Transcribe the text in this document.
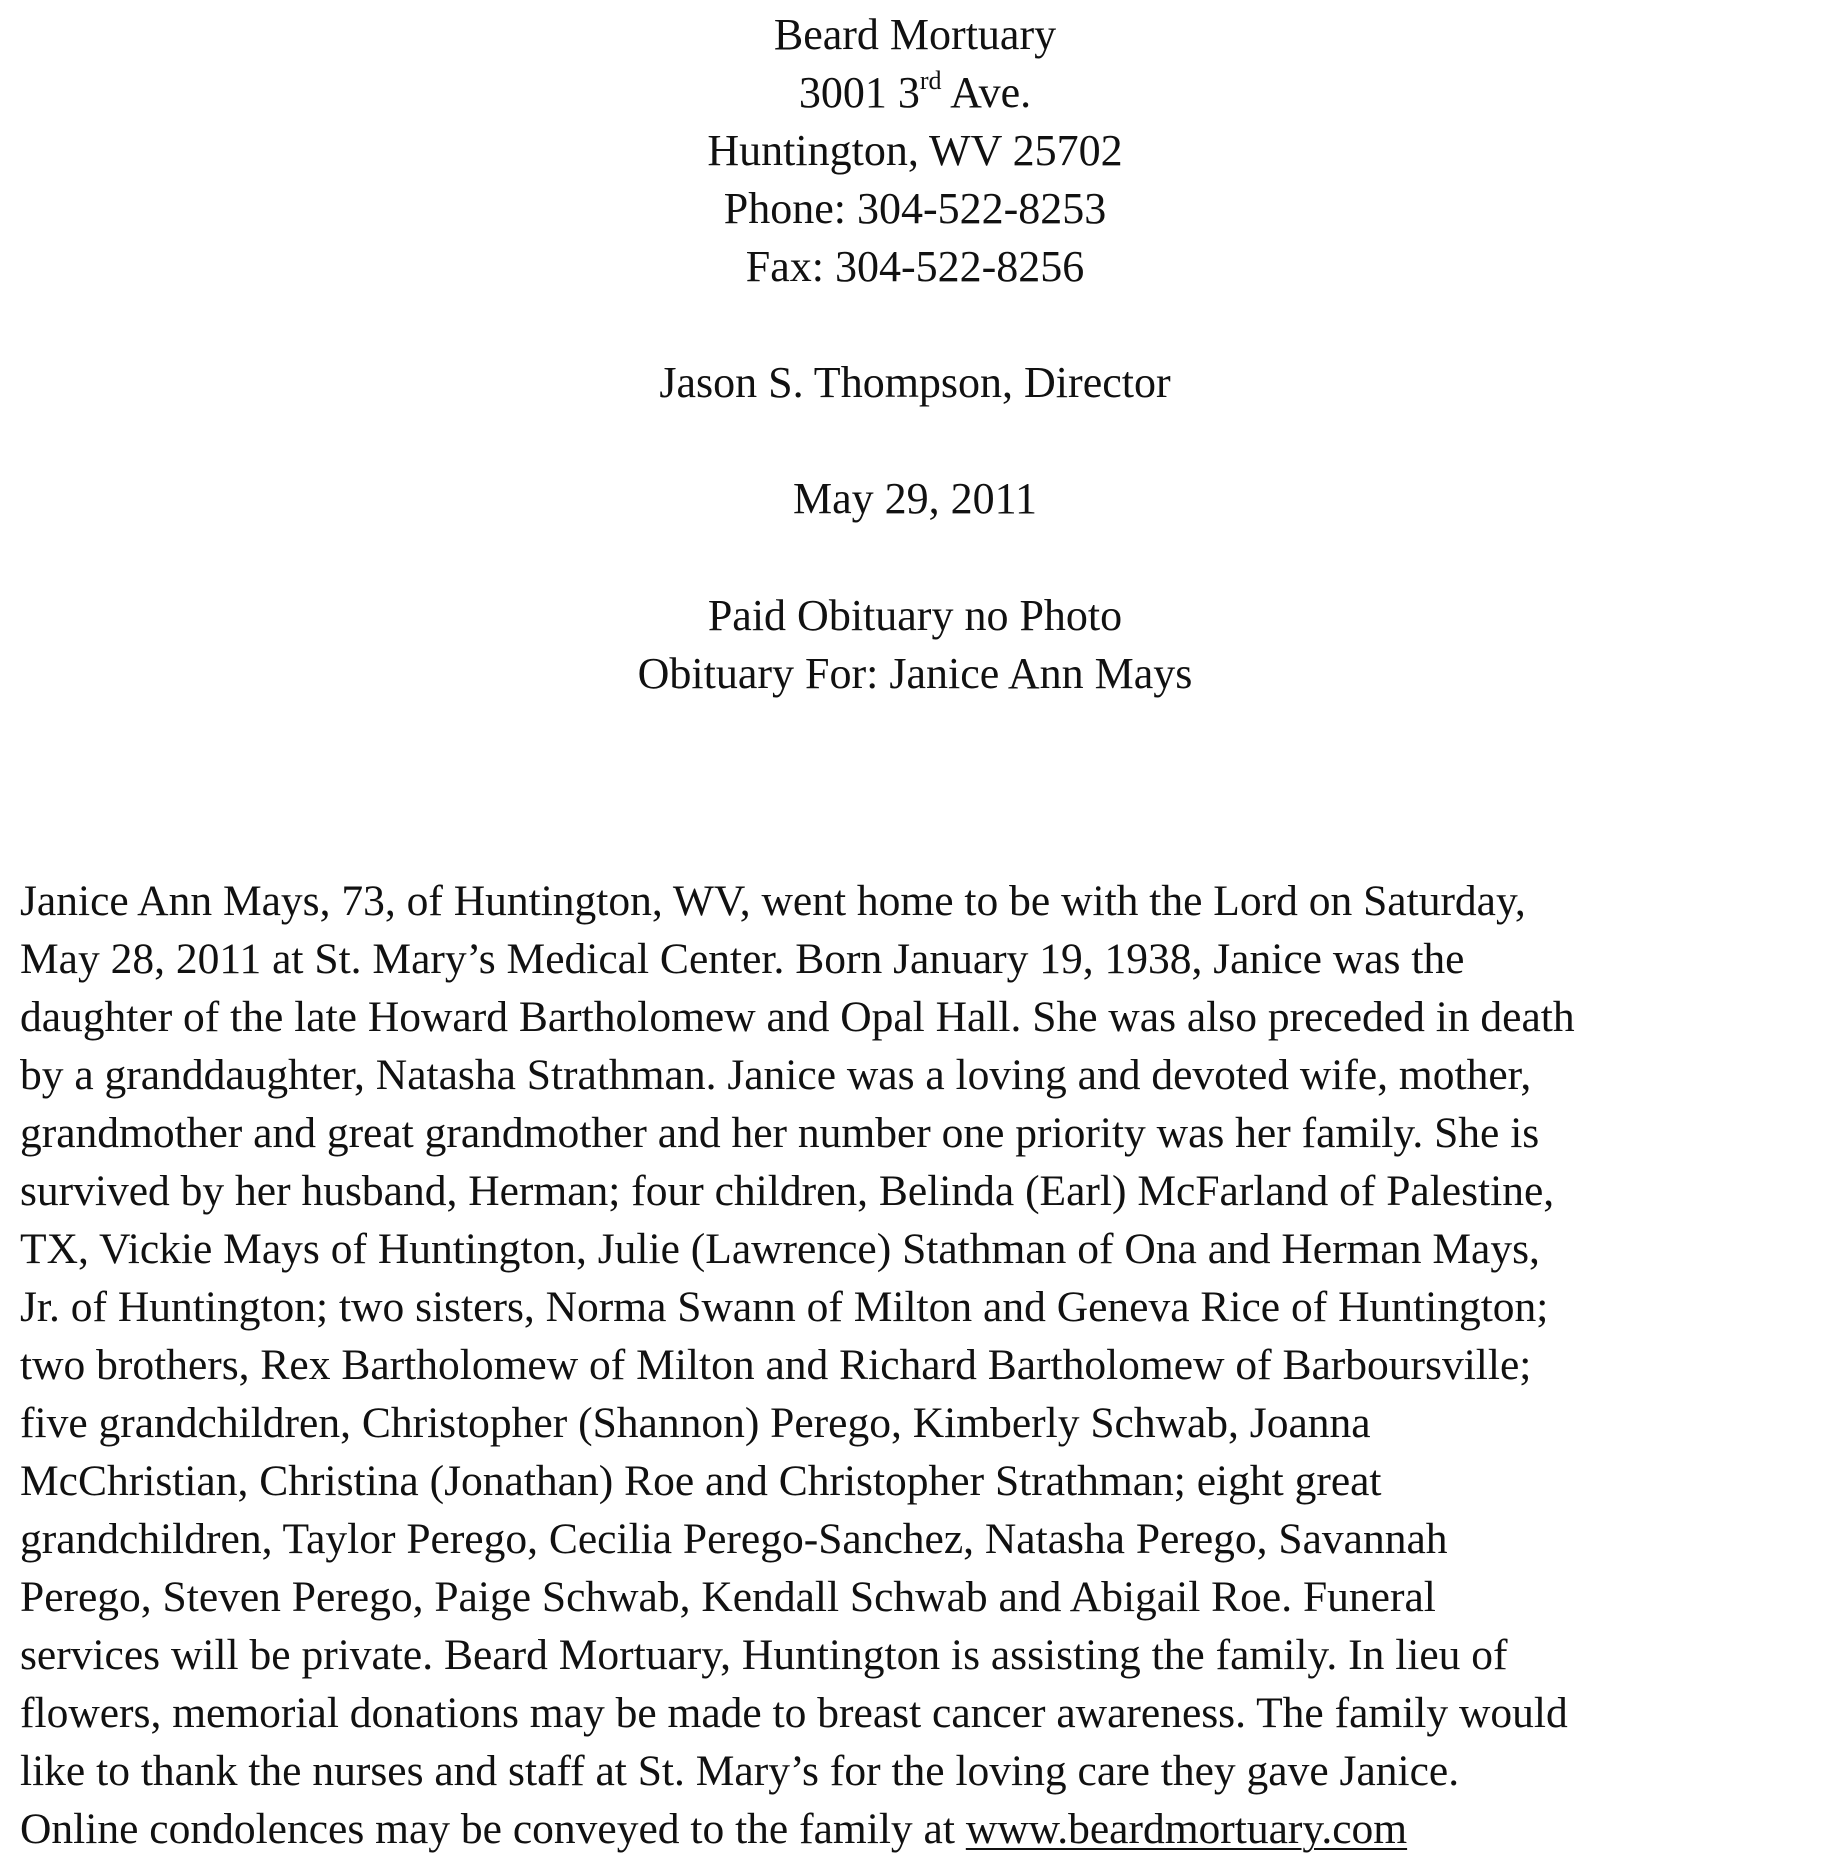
Beard Mortuary
3001 3rd Ave.
Huntington, WV 25702
Phone: 304-522-8253
Fax: 304-522-8256
Jason S. Thompson, Director
May 29, 2011
Paid Obituary no Photo
Obituary For: Janice Ann Mays
Janice Ann Mays, 73, of Huntington, WV, went home to be with the Lord on Saturday,
May 28, 2011 at St. Mary’s Medical Center. Born January 19, 1938, Janice was the
daughter of the late Howard Bartholomew and Opal Hall. She was also preceded in death
by a granddaughter, Natasha Strathman. Janice was a loving and devoted wife, mother,
grandmother and great grandmother and her number one priority was her family. She is
survived by her husband, Herman; four children, Belinda (Earl) McFarland of Palestine,
TX, Vickie Mays of Huntington, Julie (Lawrence) Stathman of Ona and Herman Mays,
Jr. of Huntington; two sisters, Norma Swann of Milton and Geneva Rice of Huntington;
two brothers, Rex Bartholomew of Milton and Richard Bartholomew of Barboursville;
five grandchildren, Christopher (Shannon) Perego, Kimberly Schwab, Joanna
McChristian, Christina (Jonathan) Roe and Christopher Strathman; eight great
grandchildren, Taylor Perego, Cecilia Perego-Sanchez, Natasha Perego, Savannah
Perego, Steven Perego, Paige Schwab, Kendall Schwab and Abigail Roe. Funeral
services will be private. Beard Mortuary, Huntington is assisting the family. In lieu of
flowers, memorial donations may be made to breast cancer awareness. The family would
like to thank the nurses and staff at St. Mary’s for the loving care they gave Janice.
Online condolences may be conveyed to the family at www.beardmortuary.com
